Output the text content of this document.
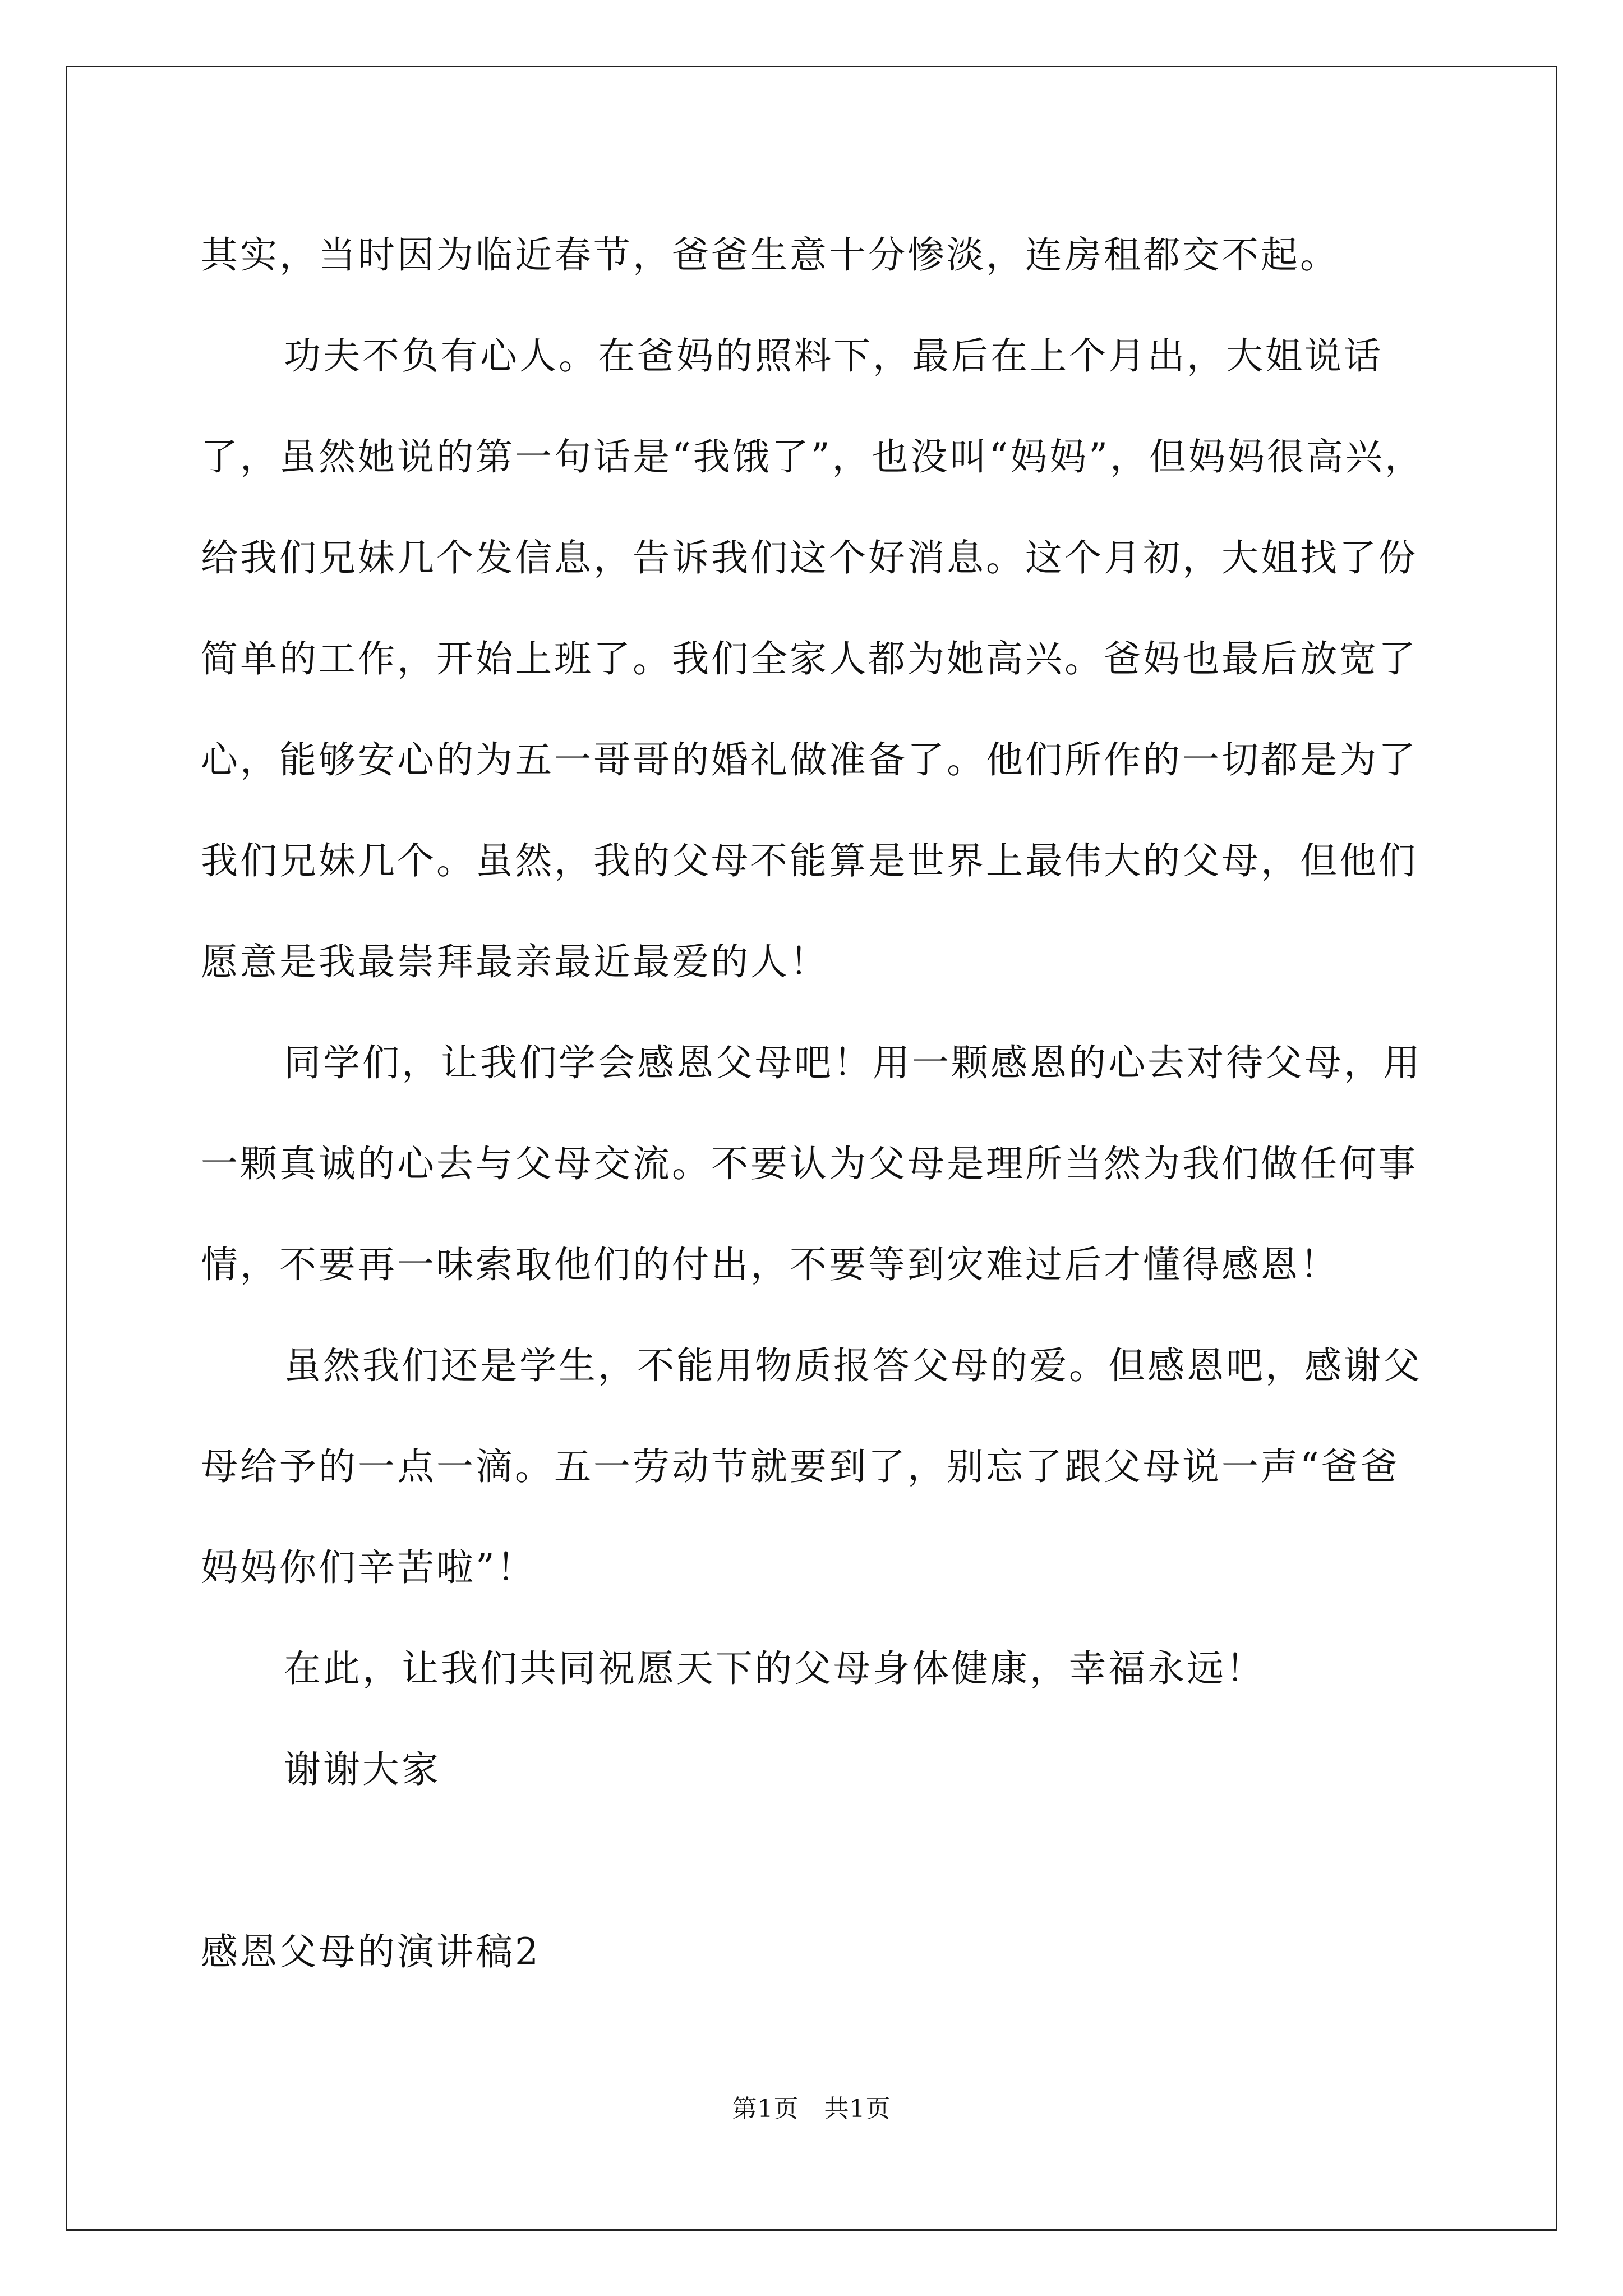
其实，当时因为临近春节，爸爸生意十分惨淡，连房租都交不起。

功夫不负有心人。在爸妈的照料下，最后在上个月出，大姐说话了，虽然她说的第一句话是“我饿了”，也没叫“妈妈”，但妈妈很高兴，给我们兄妹几个发信息，告诉我们这个好消息。这个月初，大姐找了份简单的工作，开始上班了。我们全家人都为她高兴。爸妈也最后放宽了心，能够安心的为五一哥哥的婚礼做准备了。他们所作的一切都是为了我们兄妹几个。虽然，我的父母不能算是世界上最伟大的父母，但他们愿意是我最崇拜最亲最近最爱的人！

同学们，让我们学会感恩父母吧！用一颗感恩的心去对待父母，用一颗真诚的心去与父母交流。不要认为父母是理所当然为我们做任何事情，不要再一味索取他们的付出，不要等到灾难过后才懂得感恩！

虽然我们还是学生，不能用物质报答父母的爱。但感恩吧，感谢父母给予的一点一滴。五一劳动节就要到了，别忘了跟父母说一声“爸爸妈妈你们辛苦啦”！

在此，让我们共同祝愿天下的父母身体健康，幸福永远！

谢谢大家

感恩父母的演讲稿2
第1页　共1页
